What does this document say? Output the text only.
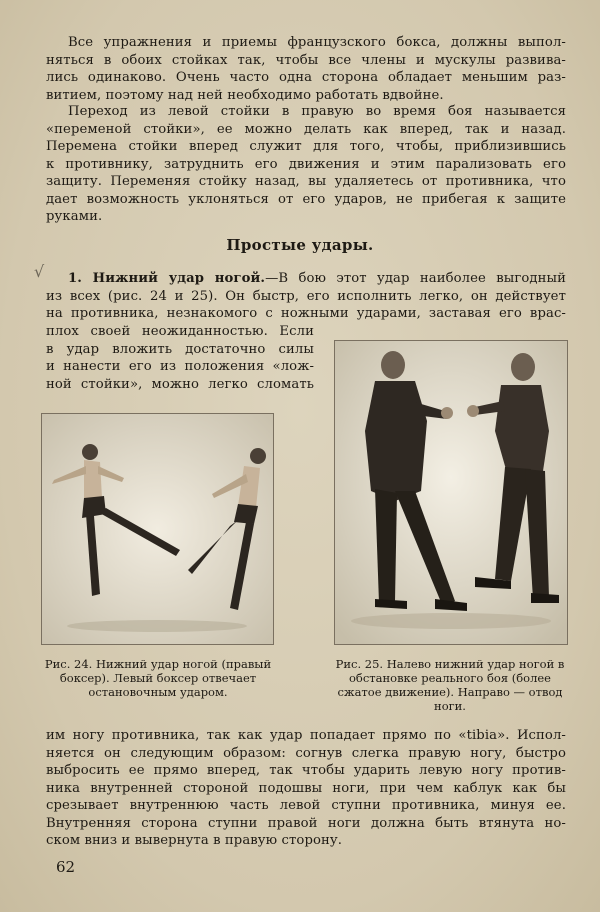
Все упражнения и приемы французского бокса, должны выпол-
няться в обоих стойках так, чтобы все члены и мускулы развива-
лись одинаково. Очень часто одна сторона обладает меньшим раз-
витием, поэтому над ней необходимо работать вдвойне.
Переход из левой стойки в правую во время боя называется
«переменой стойки», ее можно делать как вперед, так и назад.
Перемена стойки вперед служит для того, чтобы, приблизившись
к противнику, затруднить его движения и этим парализовать его
защиту. Переменяя стойку назад, вы удаляетесь от противника, что
дает возможность уклоняться от его ударов, не прибегая к защите
руками.
Простые удары.
√	1. Нижний удар ногой.—В бою этот удар наиболее выгодный
из всех (рис. 24 и 25). Он быстр, его исполнить легко, он действует
на противника, незнакомого с ножными ударами, заставая его врас-
плох своей неожиданностью. Если
в удар вложить достаточно силы
и нанести его из положения «лож-
ной стойки», можно легко сломать
Рис. 24. Нижний удар ногой (правый боксер). Левый боксер отвечает остановочным ударом.
Рис. 25. Налево нижний удар ногой в обстановке реального боя (более сжатое движение). Направо — отвод ноги.
им ногу противника, так как удар попадает прямо по «tibia». Испол-
няется он следующим образом: согнув слегка правую ногу, быстро
выбросить ее прямо вперед, так чтобы ударить левую ногу против-
ника внутренней стороной подошвы ноги, при чем каблук как бы
срезывает внутреннюю часть левой ступни противника, минуя ее.
Внутренняя сторона ступни правой ноги должна быть втянута но-
ском вниз и вывернута в правую сторону.
62
